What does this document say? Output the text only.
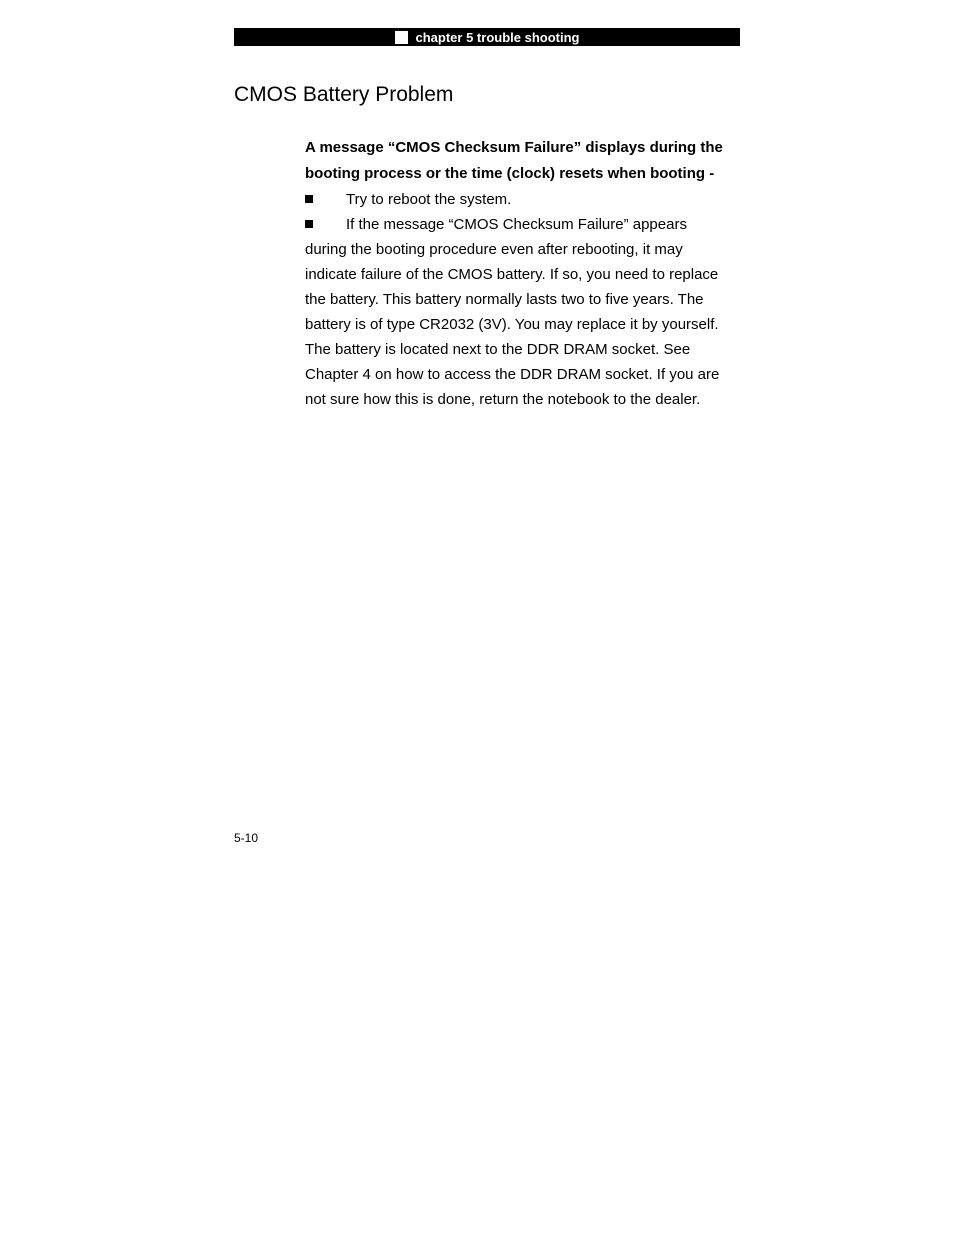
chapter 5 trouble shooting
CMOS Battery Problem

A message “CMOS Checksum Failure” displays during the

booting process or the time (clock) resets when booting -

Try to reboot the system.
If the message “CMOS Checksum Failure” appears

during the booting procedure even after rebooting, it may

indicate failure of the CMOS battery. If so, you need to replace

the battery. This battery normally lasts two to five years. The

battery is of type CR2032 (3V). You may replace it by yourself.

The battery is located next to the DDR DRAM socket. See

Chapter 4 on how to access the DDR DRAM socket. If you are

not sure how this is done, return the notebook to the dealer.

5-10
